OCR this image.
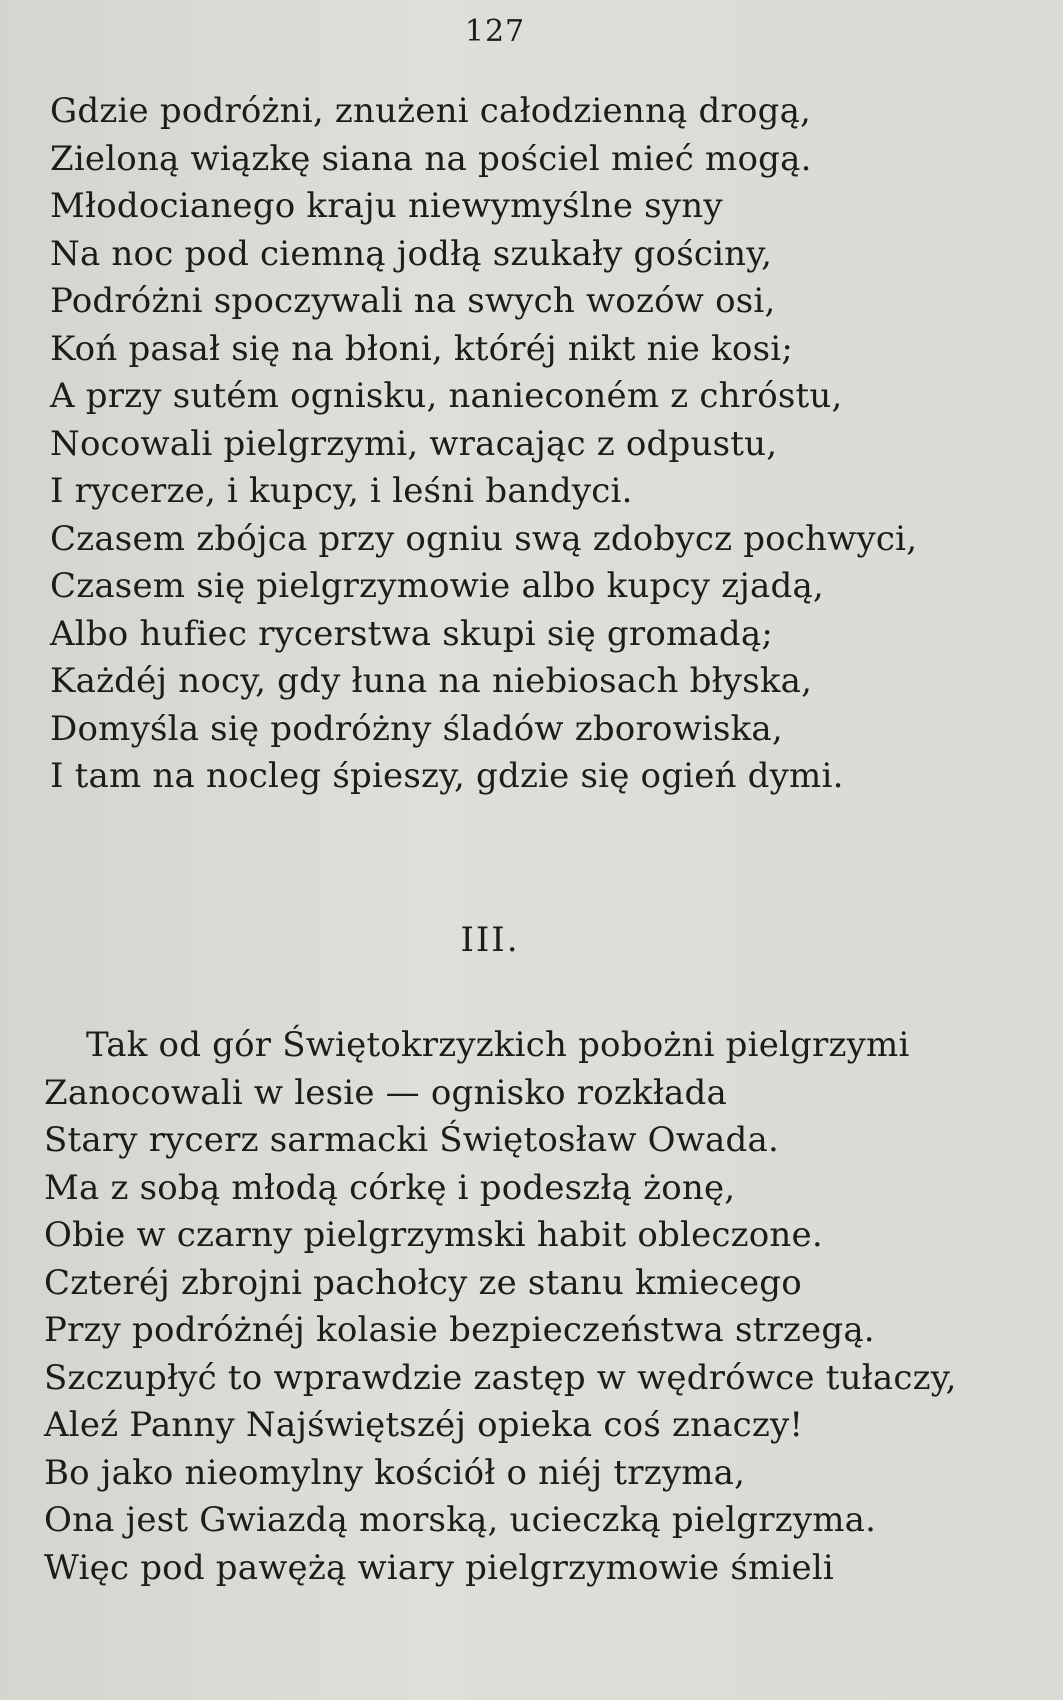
127
Gdzie podróżni, znużeni całodzienną drogą,
Zieloną wiązkę siana na pościel mieć mogą.
Młodocianego kraju niewymyślne syny
Na noc pod ciemną jodłą szukały gościny,
Podróżni spoczywali na swych wozów osi,
Koń pasał się na błoni, któréj nikt nie kosi;
A przy sutém ognisku, nanieconém z chróstu,
Nocowali pielgrzymi, wracając z odpustu,
I rycerze, i kupcy, i leśni bandyci.
Czasem zbójca przy ogniu swą zdobycz pochwyci,
Czasem się pielgrzymowie albo kupcy zjadą,
Albo hufiec rycerstwa skupi się gromadą;
Każdéj nocy, gdy łuna na niebiosach błyska,
Domyśla się podróżny śladów zborowiska,
I tam na nocleg śpieszy, gdzie się ogień dymi.
III.
Tak od gór Świętokrzyzkich pobożni pielgrzymi
Zanocowali w lesie — ognisko rozkłada
Stary rycerz sarmacki Świętosław Owada.
Ma z sobą młodą córkę i podeszłą żonę,
Obie w czarny pielgrzymski habit obleczone.
Czteréj zbrojni pachołcy ze stanu kmiecego
Przy podróżnéj kolasie bezpieczeństwa strzegą.
Szczupłyć to wprawdzie zastęp w wędrówce tułaczy,
Aleź Panny Najświętszéj opieka coś znaczy!
Bo jako nieomylny kościół o niéj trzyma,
Ona jest Gwiazdą morską, ucieczką pielgrzyma.
Więc pod pawężą wiary pielgrzymowie śmieli
